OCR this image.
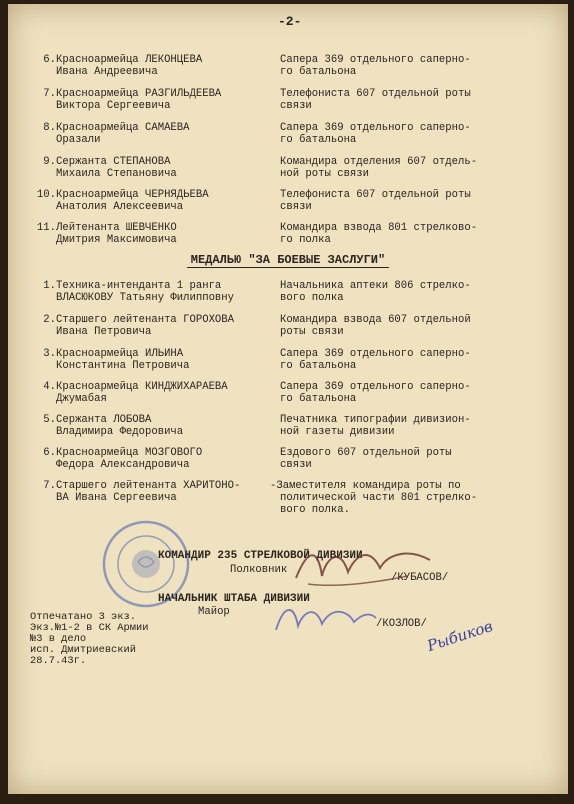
-2-
6. Красноармейца ЛЕКОНЦЕВА
Ивана Андреевича
Сапера 369 отдельного саперно-
го батальона
7. Красноармейца РАЗГИЛЬДЕЕВА
Виктора Сергеевича
Телефониста 607 отдельной роты
связи
8. Красноармейца САМАЕВА
Оразали
Сапера 369 отдельного саперно-
го батальона
9. Сержанта СТЕПАНОВА
Михаила Степановича
Командира отделения 607 отдель-
ной роты связи
10. Красноармейца ЧЕРНЯДЬЕВА
Анатолия Алексеевича
Телефониста 607 отдельной роты
связи
11. Лейтенанта ШЕВЧЕНКО
Дмитрия Максимовича
Командира взвода 801 стрелково-
го полка
МЕДАЛЬЮ "ЗА БОЕВЫЕ ЗАСЛУГИ"
1. Техника-интенданта 1 ранга
ВЛАСЮКОВУ Татьяну Филипповну
Начальника аптеки 806 стрелко-
вого полка
2. Старшего лейтенанта ГОРОХОВА
Ивана Петровича
Командира взвода 607 отдельной
роты связи
3. Красноармейца ИЛЬИНА
Константина Петровича
Сапера 369 отдельного саперно-
го батальона
4. Красноармейца КИНДЖИХАРАЕВА
Джумабая
Сапера 369 отдельного саперно-
го батальона
5. Сержанта ЛОБОВА
Владимира Федоровича
Печатника типографии дивизион-
ной газеты дивизии
6. Красноармейца МОЗГОВОГО
Федора Александровича
Ездового 607 отдельной роты
связи
7. Старшего лейтенанта ХАРИТОНО-
ВА Ивана Сергеевича
-Заместителя командира роты по
политической части 801 стрелко-
вого полка.
КОМАНДИР 235 СТРЕЛКОВОЙ ДИВИЗИИ
Полковник
/КУБАСОВ/
НАЧАЛЬНИК ШТАБА ДИВИЗИИ
Майор
/КОЗЛОВ/
Отпечатано 3 экз.
Экз.№1-2 в СК Армии
№3 в дело
исп. Дмитриевский
28.7.43г.
Рыбиков
